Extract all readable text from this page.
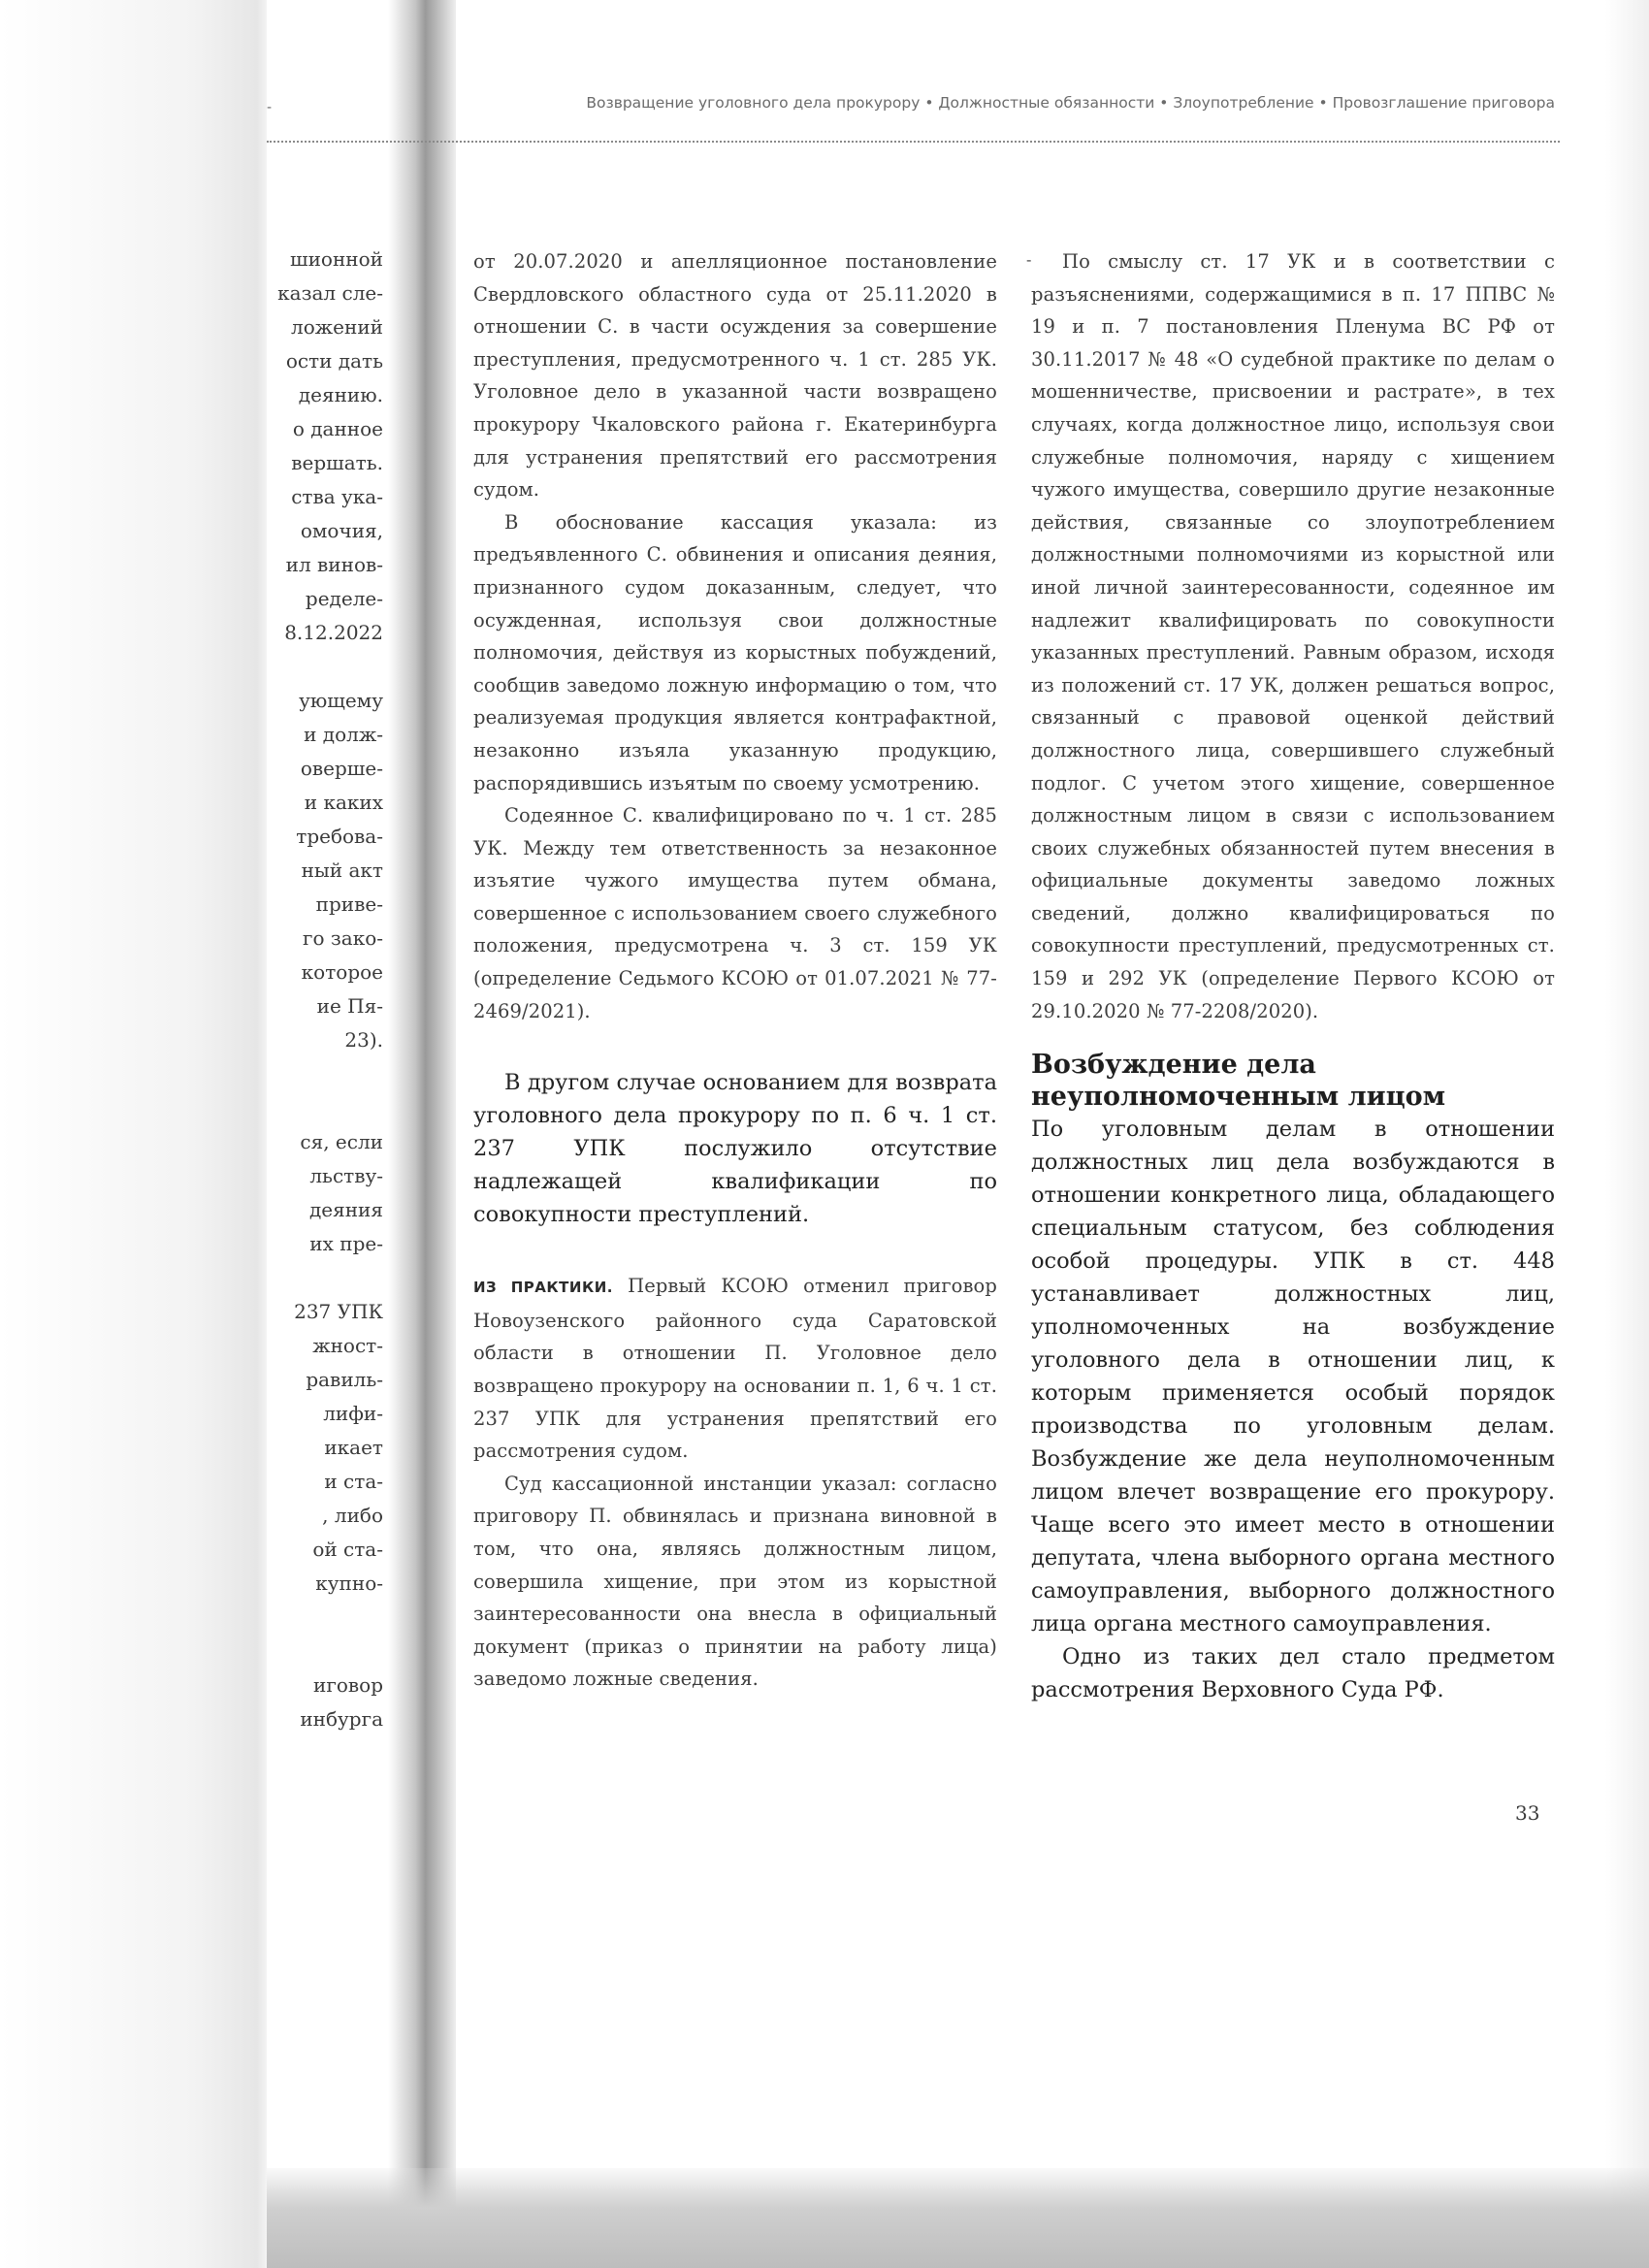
шионной
казал сле-
ложений
ости дать
деянию.
о данное
вершать.
ства ука-
омочия,
ил винов-
ределе-
8.12.2022
ующему
и долж-
оверше-
и каких
требова-
ный акт
приве-
го зако-
которое
ие Пя-
23).
ся, если
льству-
деяния
их пре-
237 УПК
жност-
равиль-
лифи-
икает
и ста-
, либо
ой ста-
купно-
иговор
инбурга
-	Возвращение уголовного дела прокурору • Должностные обязанности • Злоупотребление • Провозглашение приговора

от 20.07.2020 и апелляционное постановление Свердловского областного суда от 25.11.2020 в отношении С. в части осуждения за совершение преступления, предусмотренного ч. 1 ст. 285 УК. Уголовное дело в указанной части возвращено прокурору Чкаловского района г. Екатеринбурга для устранения препятствий его рассмотрения судом.

В обоснование кассация указала: из предъявленного С. обвинения и описания деяния, признанного судом доказанным, следует, что осужденная, используя свои должностные полномочия, действуя из корыстных побуждений, сообщив заведомо ложную информацию о том, что реализуемая продукция является контрафактной, незаконно изъяла указанную продукцию, распорядившись изъятым по своему усмотрению.

Содеянное С. квалифицировано по ч. 1 ст. 285 УК. Между тем ответственность за незаконное изъятие чужого имущества путем обмана, совершенное с использованием своего служебного положения, предусмотрена ч. 3 ст. 159 УК (определение Седьмого КСОЮ от 01.07.2021 № 77-2469/2021).

В другом случае основанием для возврата уголовного дела прокурору по п. 6 ч. 1 ст. 237 УПК послужило отсутствие надлежащей квалификации по совокупности преступлений.

ИЗ ПРАКТИКИ. Первый КСОЮ отменил приговор Новоузенского районного суда Саратовской области в отношении П. Уголовное дело возвращено прокурору на основании п. 1, 6 ч. 1 ст. 237 УПК для устранения препятствий его рассмотрения судом.

Суд кассационной инстанции указал: согласно приговору П. обвинялась и признана виновной в том, что она, являясь должностным лицом, совершила хищение, при этом из корыстной заинтересованности она внесла в официальный документ (приказ о принятии на работу лица) заведомо ложные сведения.

-	По смыслу ст. 17 УК и в соответствии с разъяснениями, содержащимися в п. 17 ППВС № 19 и п. 7 постановления Пленума ВС РФ от 30.11.2017 № 48 «О судебной практике по делам о мошенничестве, присвоении и растрате», в тех случаях, когда должностное лицо, используя свои служебные полномочия, наряду с хищением чужого имущества, совершило другие незаконные действия, связанные со злоупотреблением должностными полномочиями из корыстной или иной личной заинтересованности, содеянное им надлежит квалифицировать по совокупности указанных преступлений. Равным образом, исходя из положений ст. 17 УК, должен решаться вопрос, связанный с правовой оценкой действий должностного лица, совершившего служебный подлог. С учетом этого хищение, совершенное должностным лицом в связи с использованием своих служебных обязанностей путем внесения в официальные документы заведомо ложных сведений, должно квалифицироваться по совокупности преступлений, предусмотренных ст. 159 и 292 УК (определение Первого КСОЮ от 29.10.2020 № 77-2208/2020).

Возбуждение дела неуполномоченным лицом

По уголовным делам в отношении должностных лиц дела возбуждаются в отношении конкретного лица, обладающего специальным статусом, без соблюдения особой процедуры. УПК в ст. 448 устанавливает должностных лиц, уполномоченных на возбуждение уголовного дела в отношении лиц, к которым применяется особый порядок производства по уголовным делам. Возбуждение же дела неуполномоченным лицом влечет возвращение его прокурору. Чаще всего это имеет место в отношении депутата, члена выборного органа местного самоуправления, выборного должностного лица органа местного самоуправления.

Одно из таких дел стало предметом рассмотрения Верховного Суда РФ.

33
